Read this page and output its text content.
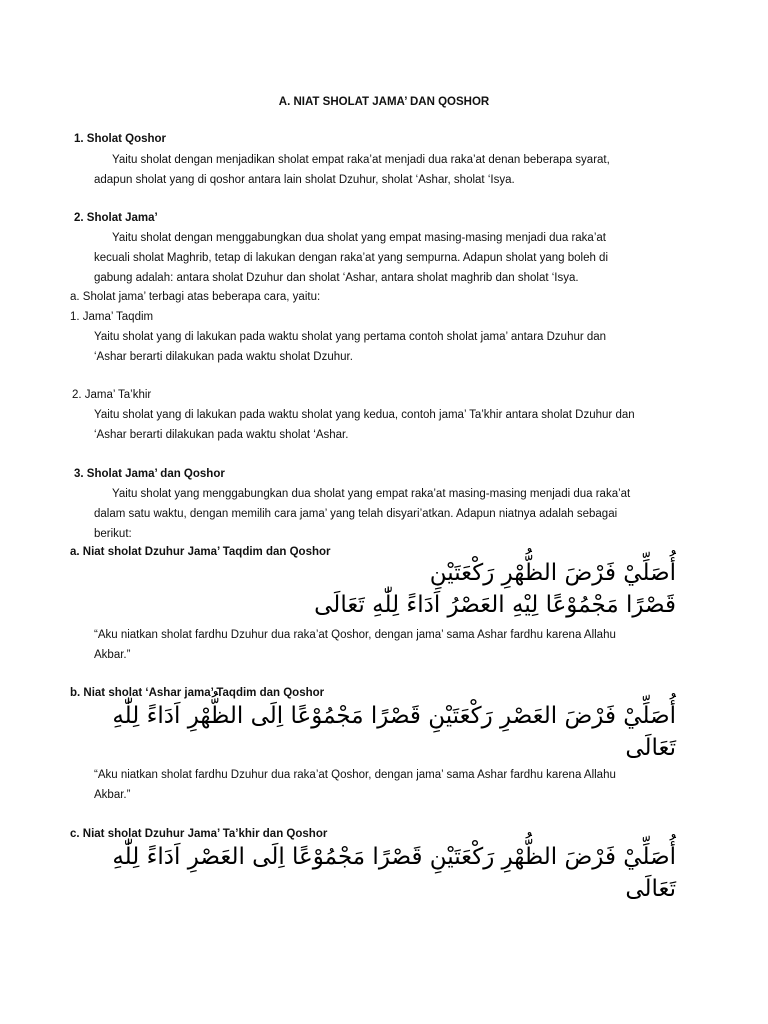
A. NIAT SHOLAT JAMA’ DAN QOSHOR
1. Sholat Qoshor
Yaitu sholat dengan menjadikan sholat empat raka’at menjadi dua raka’at denan beberapa syarat,
adapun sholat yang di qoshor antara lain sholat Dzuhur, sholat ‘Ashar, sholat ‘Isya.
2. Sholat Jama’
Yaitu sholat dengan menggabungkan dua sholat yang empat masing-masing menjadi dua raka’at
kecuali sholat Maghrib, tetap di lakukan dengan raka’at yang sempurna. Adapun sholat yang boleh di
gabung adalah: antara sholat Dzuhur dan sholat ‘Ashar, antara sholat maghrib dan sholat ‘Isya.
a. Sholat jama’ terbagi atas beberapa cara, yaitu:
1. Jama’ Taqdim
Yaitu sholat yang di lakukan pada waktu sholat yang pertama contoh sholat jama’ antara Dzuhur dan
‘Ashar berarti dilakukan pada waktu sholat Dzuhur.
2. Jama’ Ta’khir
Yaitu sholat yang di lakukan pada waktu sholat yang kedua, contoh jama’ Ta’khir antara sholat Dzuhur dan
‘Ashar berarti dilakukan pada waktu sholat ‘Ashar.
3. Sholat Jama’ dan Qoshor
Yaitu sholat yang menggabungkan dua sholat yang empat raka’at masing-masing menjadi dua raka’at
dalam satu waktu, dengan memilih cara jama’ yang telah disyari’atkan. Adapun niatnya adalah sebagai
berikut:
a. Niat sholat Dzuhur Jama’ Taqdim dan Qoshor
أُصَلِّيْ فَرْضَ الظُّهْرِ رَكْعَتَيْنِ
قَصْرًا مَجْمُوْعًا لِيْهِ العَصْرُ اَدَاءً لِلّٰهِ تَعَالَى
“Aku niatkan sholat fardhu Dzuhur dua raka’at Qoshor, dengan jama’ sama Ashar fardhu karena Allahu
Akbar.”
b. Niat sholat ‘Ashar jama’ Taqdim dan Qoshor
أُصَلِّيْ فَرْضَ العَصْرِ رَكْعَتَيْنِ قَصْرًا مَجْمُوْعًا اِلَى الظُّهْرِ اَدَاءً لِلّٰهِ
تَعَالَى
“Aku niatkan sholat fardhu Dzuhur dua raka’at Qoshor, dengan jama’ sama Ashar fardhu karena Allahu
Akbar.”
c. Niat sholat Dzuhur Jama’ Ta’khir dan Qoshor
أُصَلِّيْ فَرْضَ الظُّهْرِ رَكْعَتَيْنِ قَصْرًا مَجْمُوْعًا اِلَى العَصْرِ اَدَاءً لِلّٰهِ
تَعَالَى
